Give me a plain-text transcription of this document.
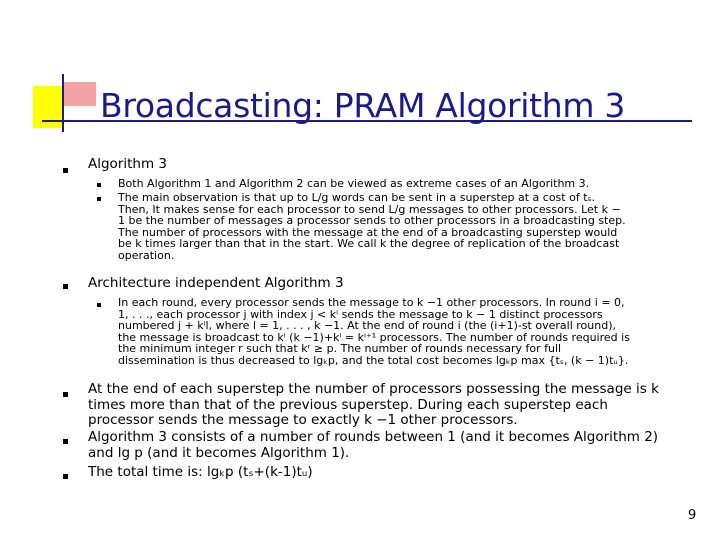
Broadcasting: PRAM Algorithm 3
Algorithm 3
Both Algorithm 1 and Algorithm 2 can be viewed as extreme cases of an Algorithm 3.
The main observation is that up to L/g words can be sent in a superstep at a cost of tₛ.
Then, It makes sense for each processor to send L/g messages to other processors. Let k −
1 be the number of messages a processor sends to other processors in a broadcasting step.
The number of processors with the message at the end of a broadcasting superstep would
be k times larger than that in the start. We call k the degree of replication of the broadcast
operation.
Architecture independent Algorithm 3
In each round, every processor sends the message to k −1 other processors. In round i = 0,
1, . . ., each processor j with index j < kⁱ sends the message to k − 1 distinct processors
numbered j + kⁱl, where l = 1, . . . , k −1. At the end of round i (the (i+1)-st overall round),
the message is broadcast to kⁱ (k −1)+kⁱ = kⁱ⁺¹ processors. The number of rounds required is
the minimum integer r such that kʳ ≥ p. The number of rounds necessary for full
dissemination is thus decreased to lgₖp, and the total cost becomes lgₖp max {tₛ, (k − 1)tᵤ}.
At the end of each superstep the number of processors possessing the message is k
times more than that of the previous superstep. During each superstep each
processor sends the message to exactly k −1 other processors.
Algorithm 3 consists of a number of rounds between 1 (and it becomes Algorithm 2)
and lg p (and it becomes Algorithm 1).
The total time is: lgₖp (tₛ+(k-1)tᵤ)
9
